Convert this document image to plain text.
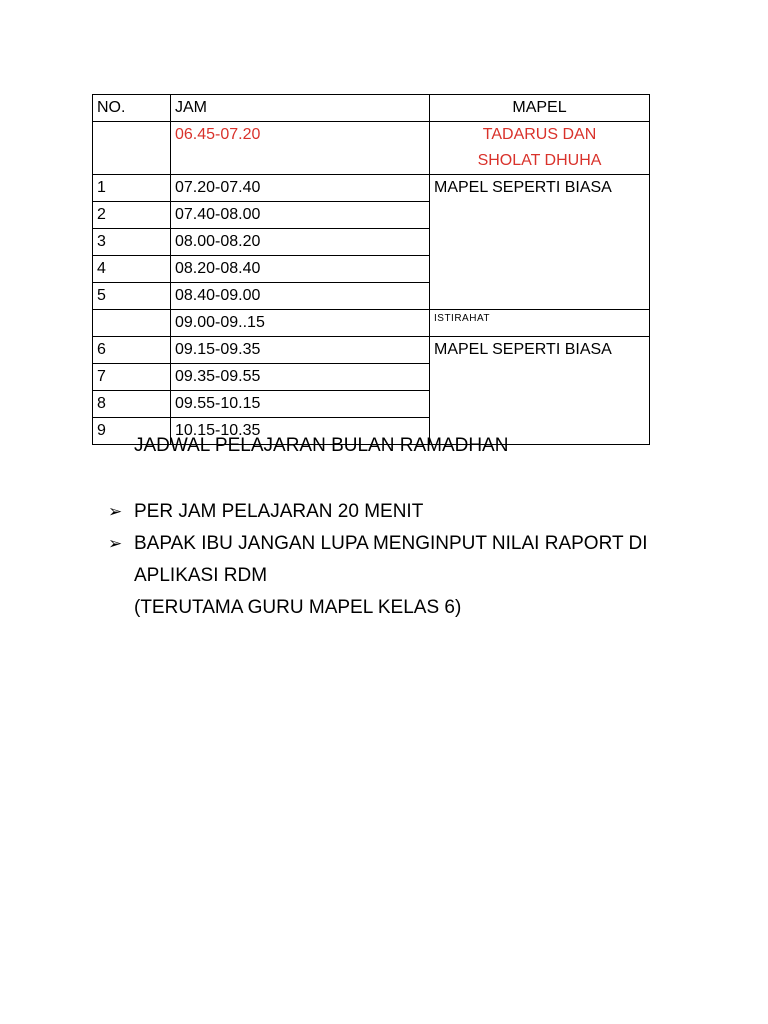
NO.	JAM	MAPEL
	06.45-07.20	TADARUS DAN
SHOLAT DHUHA

1	07.20-07.40	MAPEL SEPERTI BIASA
2	07.40-08.00	
3	08.00-08.20	
4	08.20-08.40	
5	08.40-09.00	
	09.00-09..15	ISTIRAHAT
6	09.15-09.35	MAPEL SEPERTI BIASA
7	09.35-09.55	
8	09.55-10.15	
9	10.15-10.35	

JADWAL PELAJARAN BULAN RAMADHAN

➢ PER JAM PELAJARAN 20 MENIT
➢ BAPAK IBU JANGAN LUPA MENGINPUT NILAI RAPORT DI
APLIKASI RDM
(TERUTAMA GURU MAPEL KELAS 6)
